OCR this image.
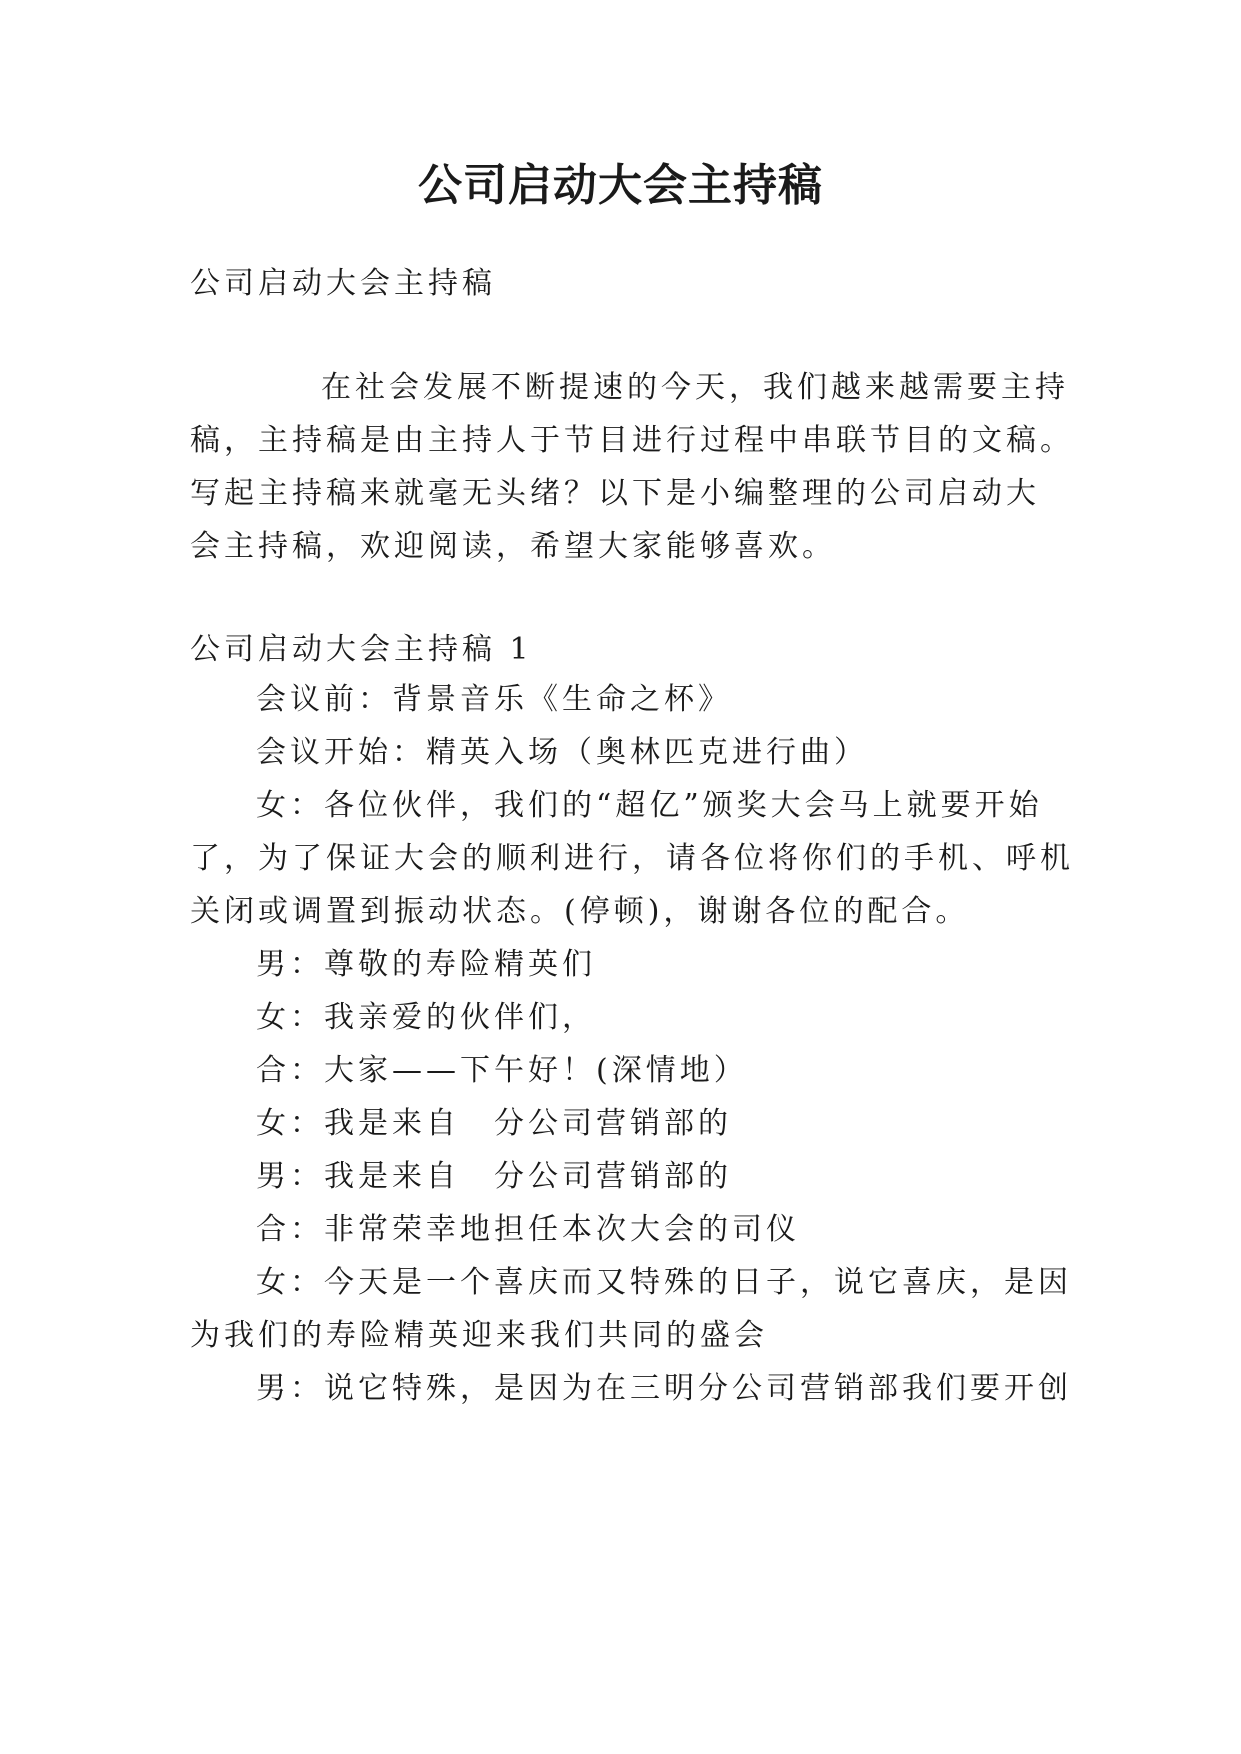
公司启动大会主持稿

公司启动大会主持稿

在社会发展不断提速的今天，我们越来越需要主持

稿，主持稿是由主持人于节目进行过程中串联节目的文稿。

写起主持稿来就毫无头绪？以下是小编整理的公司启动大

会主持稿，欢迎阅读，希望大家能够喜欢。

公司启动大会主持稿 1

会议前：背景音乐《生命之杯》

会议开始：精英入场（奥林匹克进行曲）

女：各位伙伴，我们的“超亿”颁奖大会马上就要开始

了，为了保证大会的顺利进行，请各位将你们的手机、呼机

关闭或调置到振动状态。(停顿)，谢谢各位的配合。

男：尊敬的寿险精英们

女：我亲爱的伙伴们，

合：大家——下午好！(深情地）

女：我是来自　分公司营销部的

男：我是来自　分公司营销部的

合：非常荣幸地担任本次大会的司仪

女：今天是一个喜庆而又特殊的日子，说它喜庆，是因

为我们的寿险精英迎来我们共同的盛会

男：说它特殊，是因为在三明分公司营销部我们要开创
